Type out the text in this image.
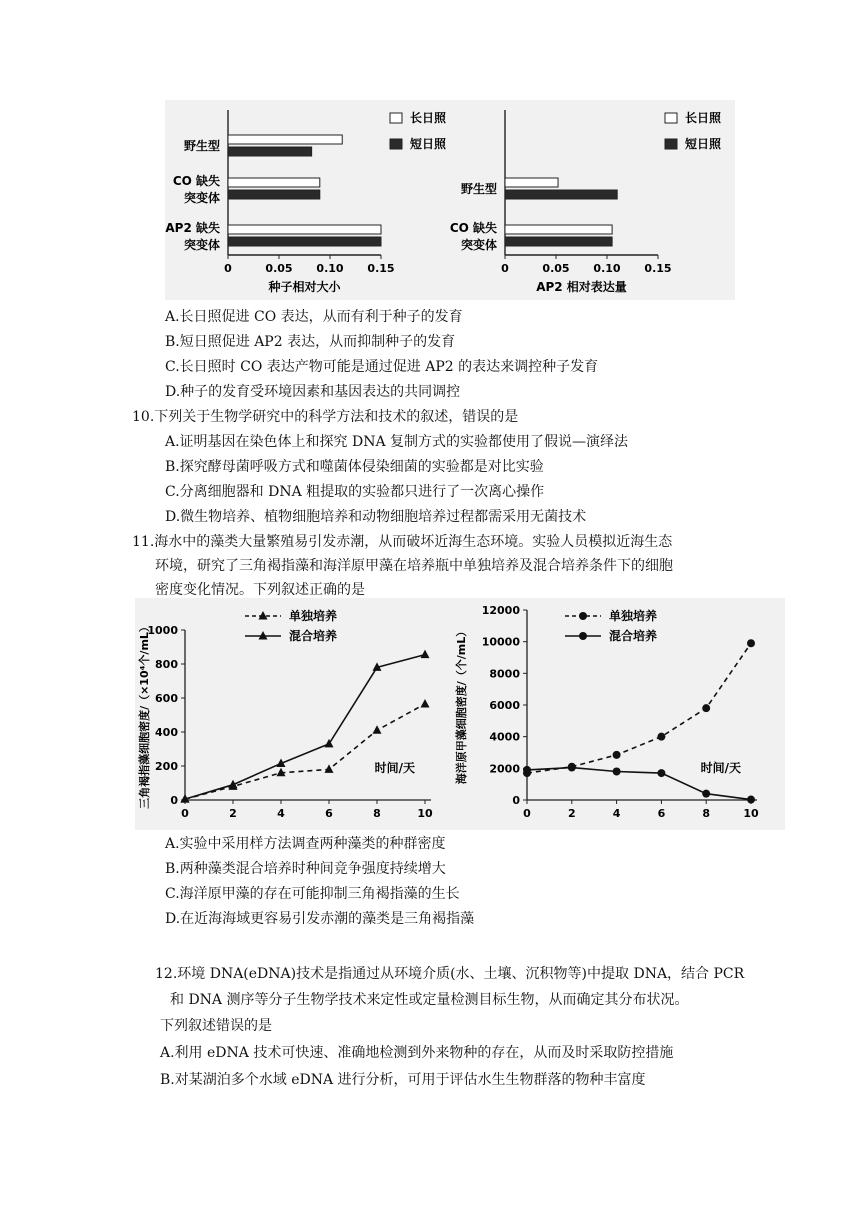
0	0.05 0.10 0.15
种子相对大小
野生型
CO 缺失
突变体
AP2 缺失
突变体
长日照
短日照
0	0.05 0.10 0.15
AP2 相对表达量
野生型
CO 缺失
突变体
长日照
短日照
A.长日照促进 CO 表达，从而有利于种子的发育
B.短日照促进 AP2 表达，从而抑制种子的发育
C.长日照时 CO 表达产物可能是通过促进 AP2 的表达来调控种子发育
D.种子的发育受环境因素和基因表达的共同调控
10.下列关于生物学研究中的科学方法和技术的叙述，错误的是
A.证明基因在染色体上和探究 DNA 复制方式的实验都使用了假说—演绎法
B.探究酵母菌呼吸方式和噬菌体侵染细菌的实验都是对比实验
C.分离细胞器和 DNA 粗提取的实验都只进行了一次离心操作
D.微生物培养、植物细胞培养和动物细胞培养过程都需采用无菌技术
11.海水中的藻类大量繁殖易引发赤潮，从而破坏近海生态环境。实验人员模拟近海生态
环境，研究了三角褐指藻和海洋原甲藻在培养瓶中单独培养及混合培养条件下的细胞
密度变化情况。下列叙述正确的是
0
200
400
600
800
1000
0	2	4	6	8	10
时间/天
三角褐指藻细胞密度/（×10⁴个/mL）
单独培养
混合培养
0
2000
4000
6000
8000
10000
12000
0	2	4	6	8	10
时间/天
海洋原甲藻细胞密度/（个/mL）
单独培养
混合培养
A.实验中采用样方法调查两种藻类的种群密度
B.两种藻类混合培养时种间竞争强度持续增大
C.海洋原甲藻的存在可能抑制三角褐指藻的生长
D.在近海海域更容易引发赤潮的藻类是三角褐指藻
12.环境 DNA(eDNA)技术是指通过从环境介质(水、土壤、沉积物等)中提取 DNA，结合 PCR
和 DNA 测序等分子生物学技术来定性或定量检测目标生物，从而确定其分布状况。
下列叙述错误的是
A.利用 eDNA 技术可快速、准确地检测到外来物种的存在，从而及时采取防控措施
B.对某湖泊多个水域 eDNA 进行分析，可用于评估水生生物群落的物种丰富度
